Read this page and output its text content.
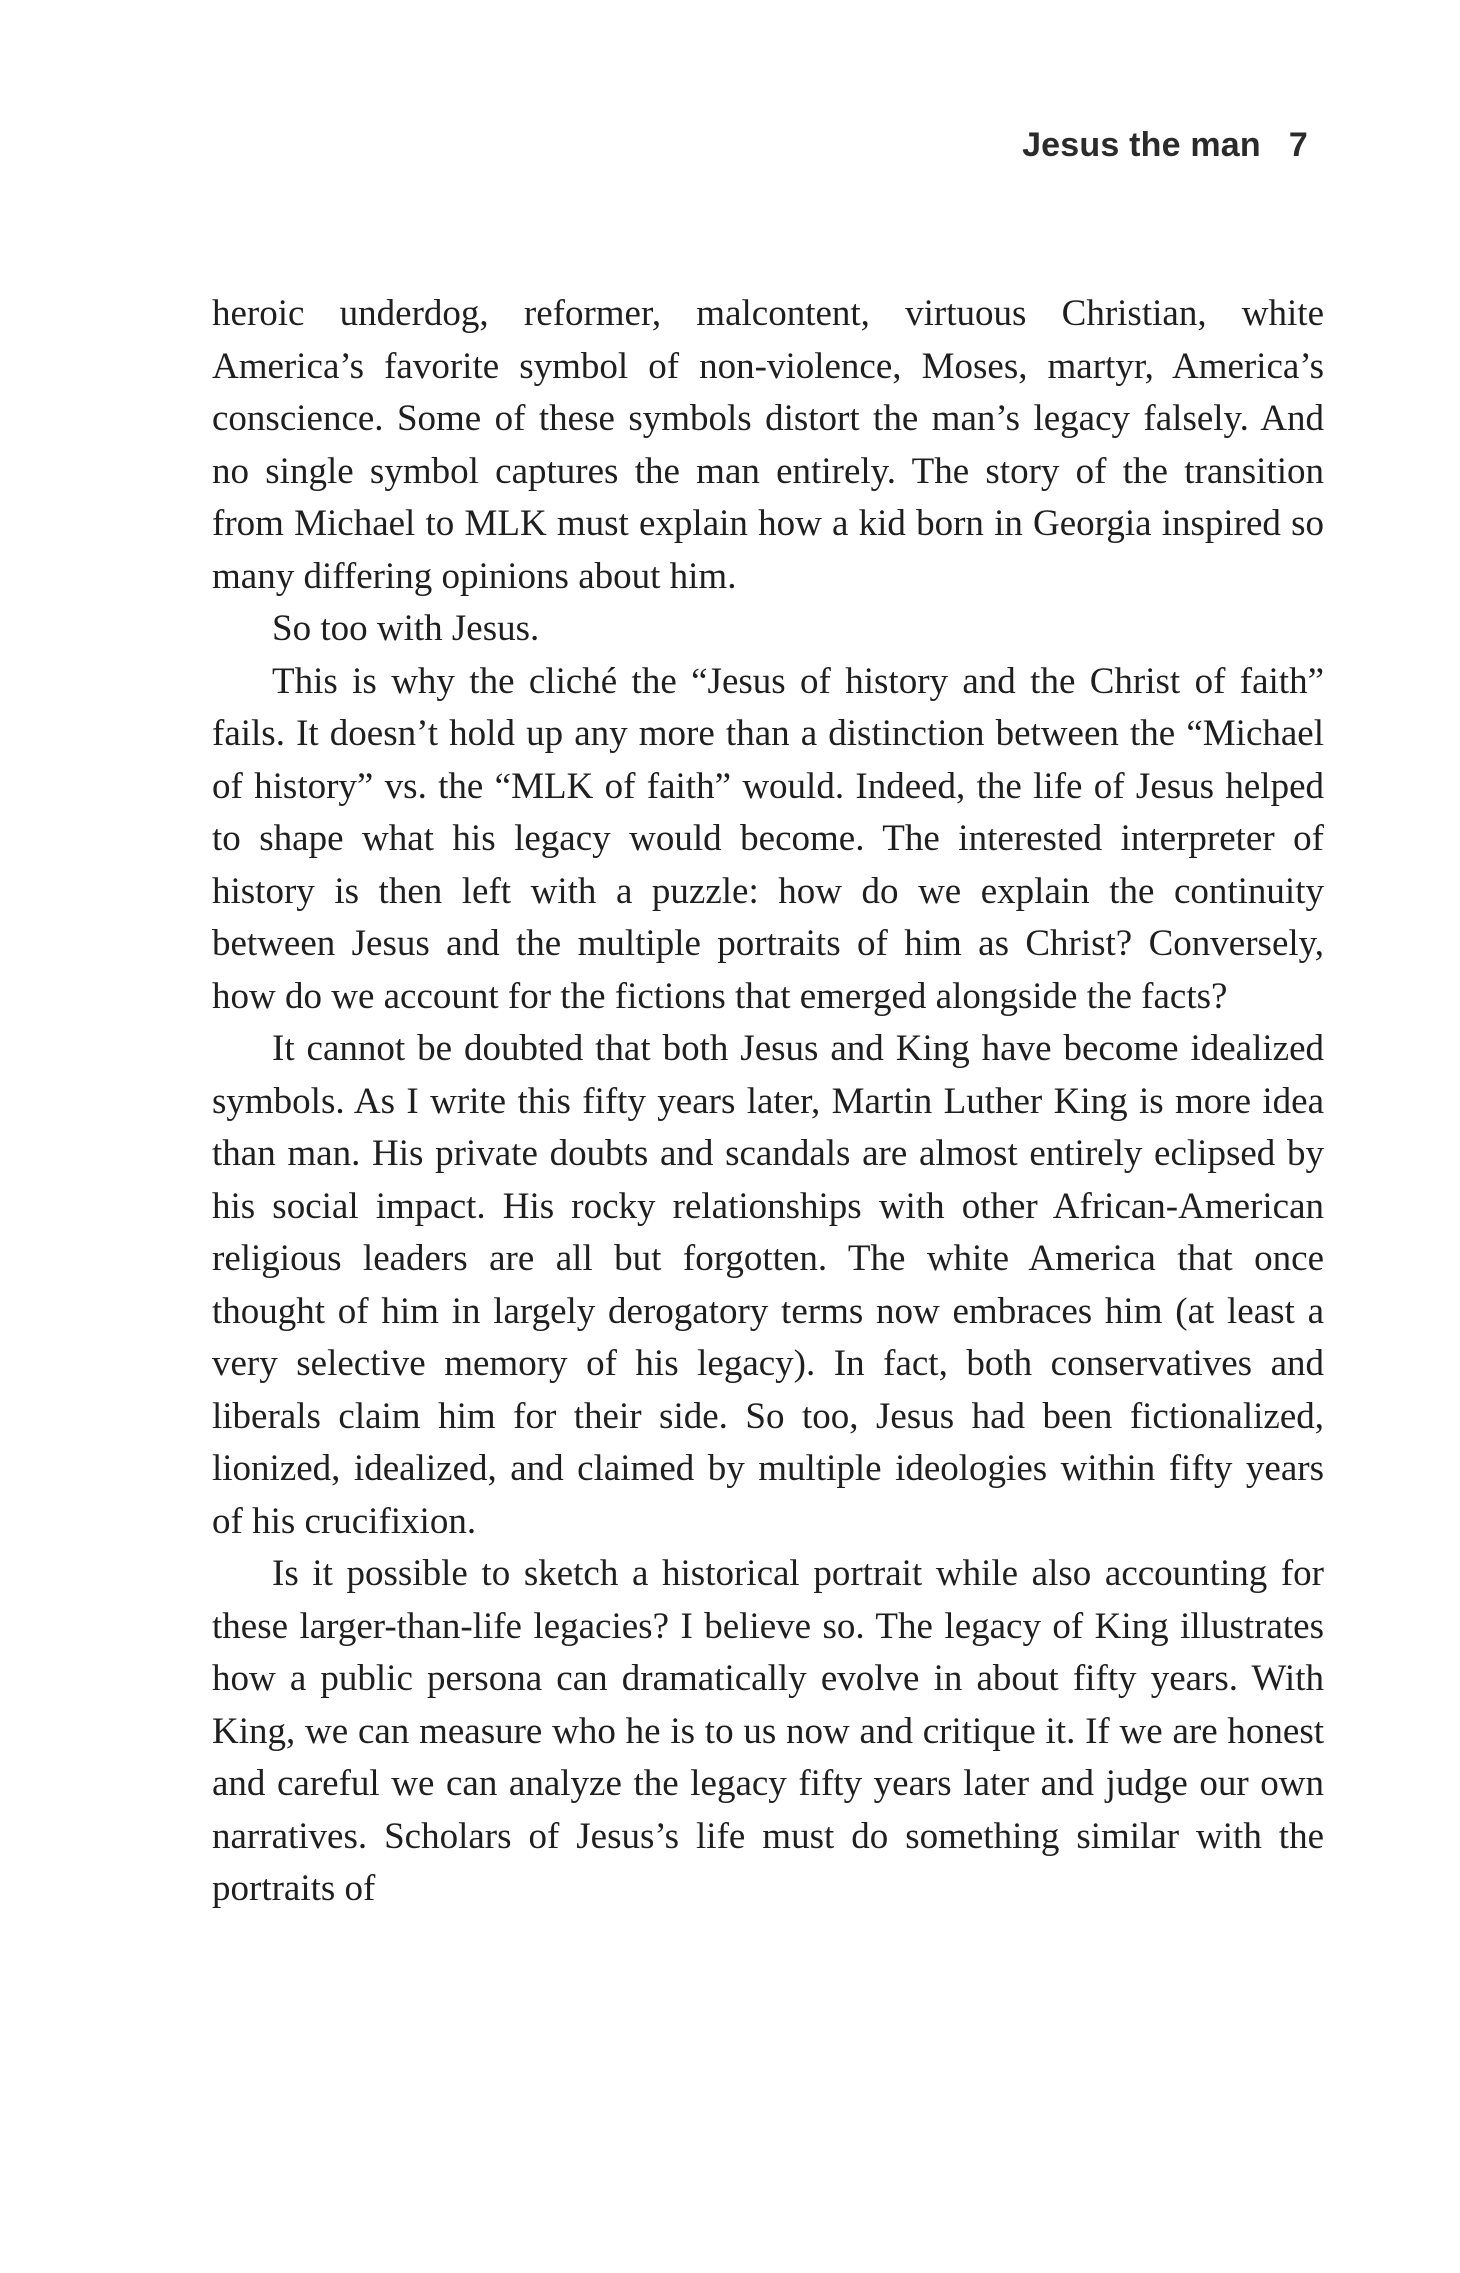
Jesus the man 7

heroic underdog, reformer, malcontent, virtuous Christian, white America’s favorite symbol of non-violence, Moses, martyr, America’s conscience. Some of these symbols distort the man’s legacy falsely. And no single symbol captures the man entirely. The story of the transition from Michael to MLK must explain how a kid born in Georgia inspired so many differing opinions about him.

So too with Jesus.

This is why the cliché the “Jesus of history and the Christ of faith” fails. It doesn’t hold up any more than a distinction between the “Michael of history” vs. the “MLK of faith” would. Indeed, the life of Jesus helped to shape what his legacy would become. The interested interpreter of history is then left with a puzzle: how do we explain the continuity between Jesus and the multiple portraits of him as Christ? Conversely, how do we account for the fictions that emerged alongside the facts?

It cannot be doubted that both Jesus and King have become idealized symbols. As I write this fifty years later, Martin Luther King is more idea than man. His private doubts and scandals are almost entirely eclipsed by his social impact. His rocky relationships with other African-American religious leaders are all but forgotten. The white America that once thought of him in largely derogatory terms now embraces him (at least a very selective memory of his legacy). In fact, both conservatives and liberals claim him for their side. So too, Jesus had been fictionalized, lionized, idealized, and claimed by multiple ideologies within fifty years of his crucifixion.

Is it possible to sketch a historical portrait while also accounting for these larger-than-life legacies? I believe so. The legacy of King illustrates how a public persona can dramatically evolve in about fifty years. With King, we can measure who he is to us now and critique it. If we are honest and careful we can analyze the legacy fifty years later and judge our own narratives. Scholars of Jesus’s life must do something similar with the portraits of
